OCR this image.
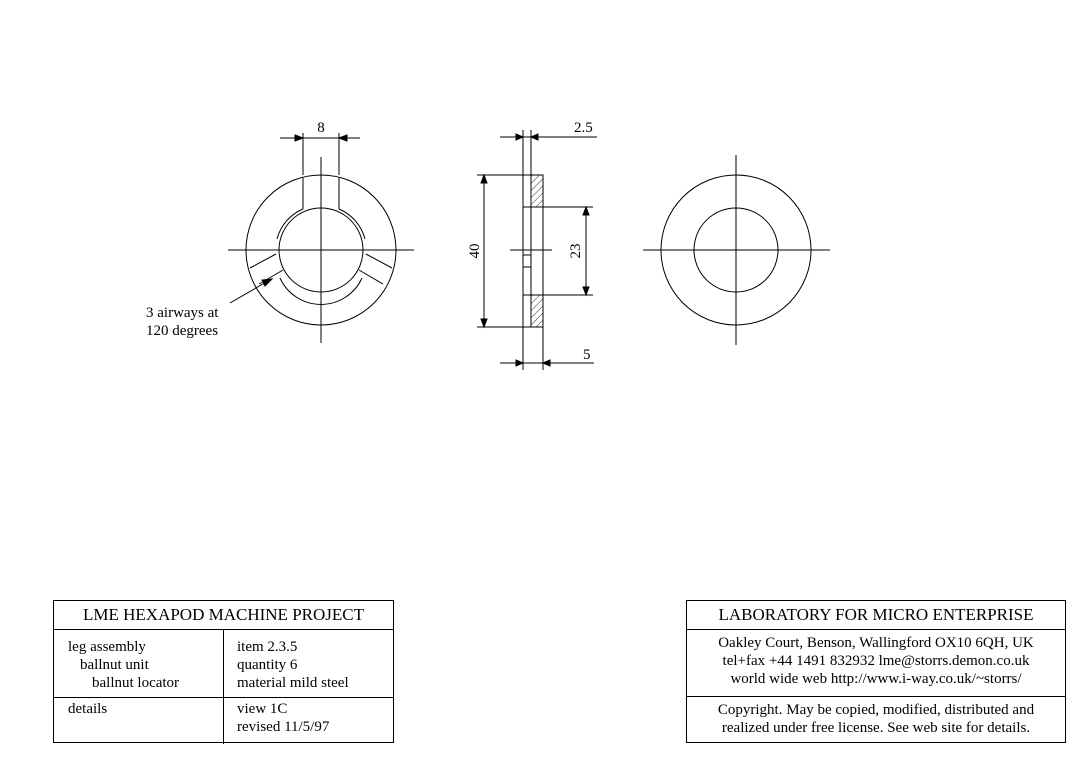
8
3 airways at
120 degrees
2.5
40	23
5
LME HEXAPOD MACHINE PROJECT
leg assembly
ballnut unit
ballnut locator
item 2.3.5
quantity 6
material mild steel
details	view 1C
revised 11/5/97
LABORATORY FOR MICRO ENTERPRISE
Oakley Court, Benson, Wallingford OX10 6QH, UK
tel+fax +44 1491 832932 lme@storrs.demon.co.uk
world wide web http://www.i-way.co.uk/~storrs/
Copyright. May be copied, modified, distributed and
realized under free license. See web site for details.
